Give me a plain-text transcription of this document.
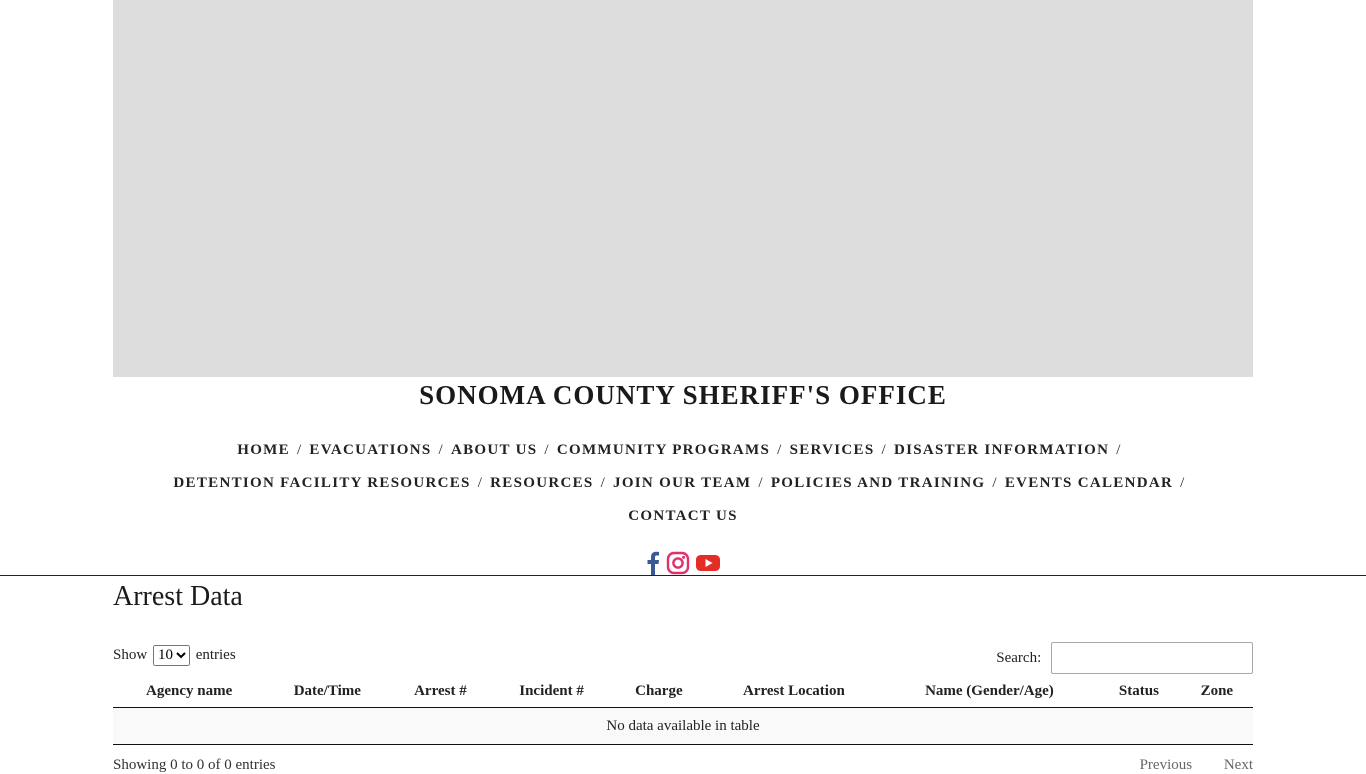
SONOMA COUNTY SHERIFF'S OFFICE
HOME / EVACUATIONS / ABOUT US / COMMUNITY PROGRAMS / SERVICES / DISASTER INFORMATION /
DETENTION FACILITY RESOURCES / RESOURCES / JOIN OUR TEAM / POLICIES AND TRAINING / EVENTS CALENDAR /
CONTACT US

Arrest Data
Show
10	entries	Search:
Agency name	Date/Time	Arrest #	Incident #	Charge	Arrest Location	Name (Gender/Age)	Status	Zone
No data available in table
Showing 0 to 0 of 0 entries	Previous Next
